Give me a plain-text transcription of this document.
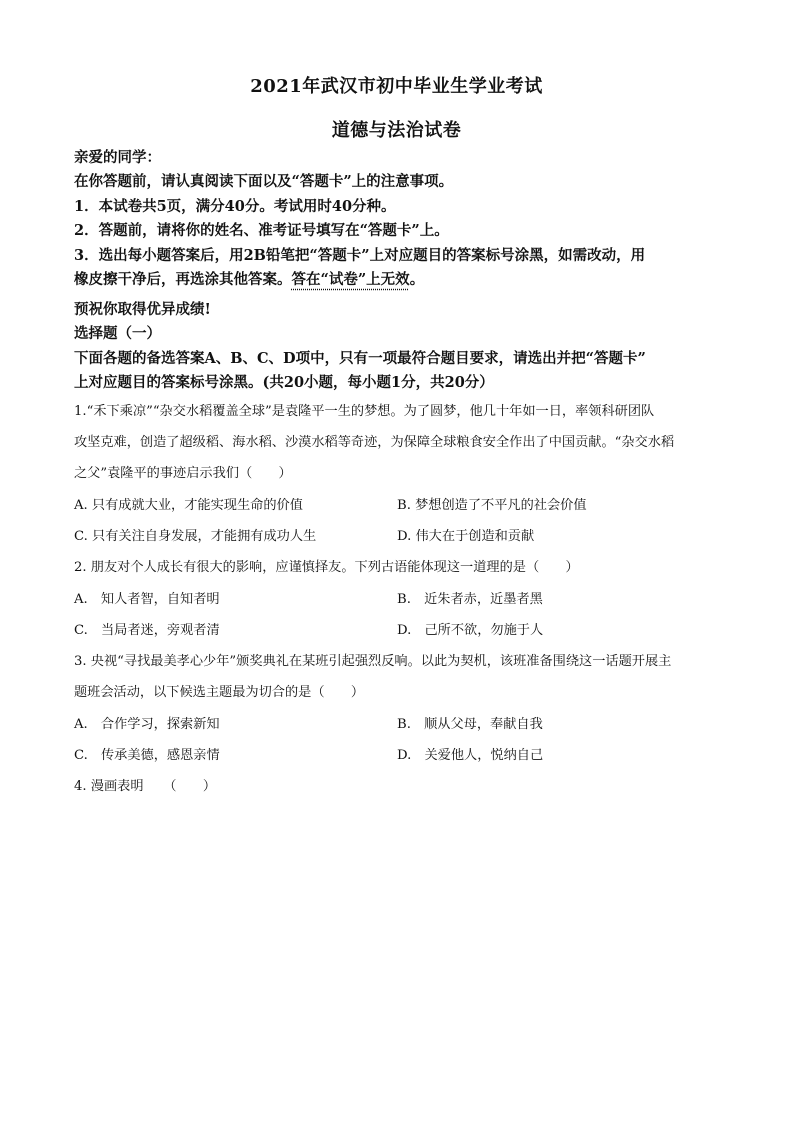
2021年武汉市初中毕业生学业考试
道德与法治试卷
亲爱的同学：
在你答题前，请认真阅读下面以及“答题卡”上的注意事项。
1．本试卷共5页，满分40分。考试用时40分种。
2．答题前，请将你的姓名、准考证号填写在“答题卡”上。
3．选出每小题答案后，用2B铅笔把“答题卡”上对应题目的答案标号涂黑，如需改动，用
橡皮擦干净后，再选涂其他答案。答在“试卷”上无效。
预祝你取得优异成绩!
选择题（一）
下面各题的备选答案A、B、C、D项中，只有一项最符合题目要求，请选出并把“答题卡”
上对应题目的答案标号涂黑。(共20小题，每小题1分，共20分）
1.“禾下乘凉”“杂交水稻覆盖全球”是袁隆平一生的梦想。为了圆梦，他几十年如一日，率领科研团队
攻坚克难，创造了超级稻、海水稻、沙漠水稻等奇迹，为保障全球粮食安全作出了中国贡献。“杂交水稻
之父”袁隆平的事迹启示我们（　　）
A. 只有成就大业，才能实现生命的价值	B. 梦想创造了不平凡的社会价值
C. 只有关注自身发展，才能拥有成功人生	D. 伟大在于创造和贡献
2. 朋友对个人成长有很大的影响，应谨慎择友。下列古语能体现这一道理的是（　　）
A.　知人者智，自知者明	B.　近朱者赤，近墨者黑
C.　当局者迷，旁观者清	D.　己所不欲，勿施于人
3. 央视“寻找最美孝心少年”颁奖典礼在某班引起强烈反响。以此为契机，该班准备围绕这一话题开展主
题班会活动，以下候选主题最为切合的是（　　）
A.　合作学习，探索新知	B.　顺从父母，奉献自我
C.　传承美德，感恩亲情	D.　关爱他人，悦纳自己
4. 漫画表明　　（　　）
